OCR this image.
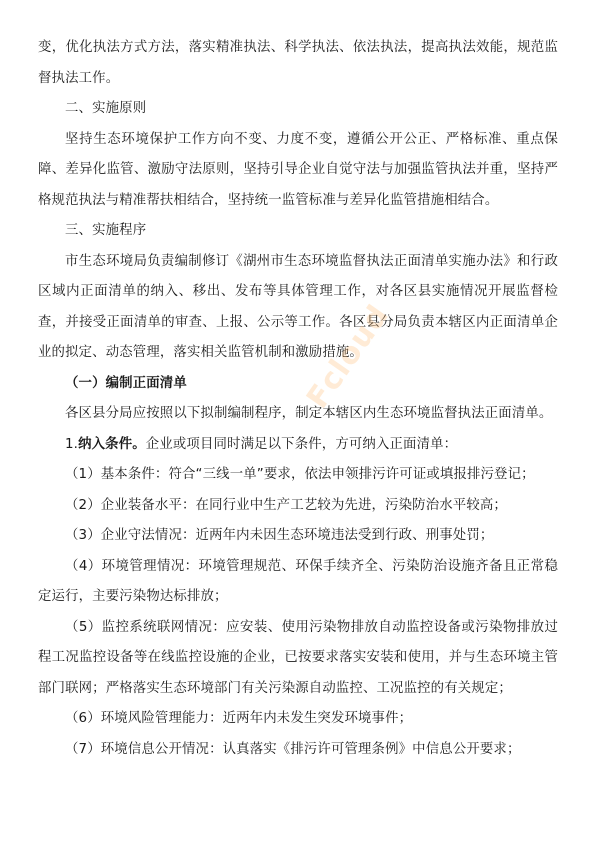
变，优化执法方式方法，落实精准执法、科学执法、依法执法，提高执法效能，规范监督执法工作。

二、实施原则

坚持生态环境保护工作方向不变、力度不变，遵循公开公正、严格标准、重点保障、差异化监管、激励守法原则，坚持引导企业自觉守法与加强监管执法并重，坚持严格规范执法与精准帮扶相结合，坚持统一监管标准与差异化监管措施相结合。

三、实施程序

市生态环境局负责编制修订《湖州市生态环境监督执法正面清单实施办法》和行政区域内正面清单的纳入、移出、发布等具体管理工作，对各区县实施情况开展监督检查，并接受正面清单的审查、上报、公示等工作。各区县分局负责本辖区内正面清单企业的拟定、动态管理，落实相关监管机制和激励措施。

（一）编制正面清单

各区县分局应按照以下拟制编制程序，制定本辖区内生态环境监督执法正面清单。

1.纳入条件。企业或项目同时满足以下条件，方可纳入正面清单：

（1）基本条件：符合“三线一单”要求，依法申领排污许可证或填报排污登记；

（2）企业装备水平：在同行业中生产工艺较为先进，污染防治水平较高；

（3）企业守法情况：近两年内未因生态环境违法受到行政、刑事处罚；

（4）环境管理情况：环境管理规范、环保手续齐全、污染防治设施齐备且正常稳定运行，主要污染物达标排放；

（5）监控系统联网情况：应安装、使用污染物排放自动监控设备或污染物排放过程工况监控设备等在线监控设施的企业，已按要求落实安装和使用，并与生态环境主管部门联网；严格落实生态环境部门有关污染源自动监控、工况监控的有关规定；

（6）环境风险管理能力：近两年内未发生突发环境事件；

（7）环境信息公开情况：认真落实《排污许可管理条例》中信息公开要求；

Fcloud
